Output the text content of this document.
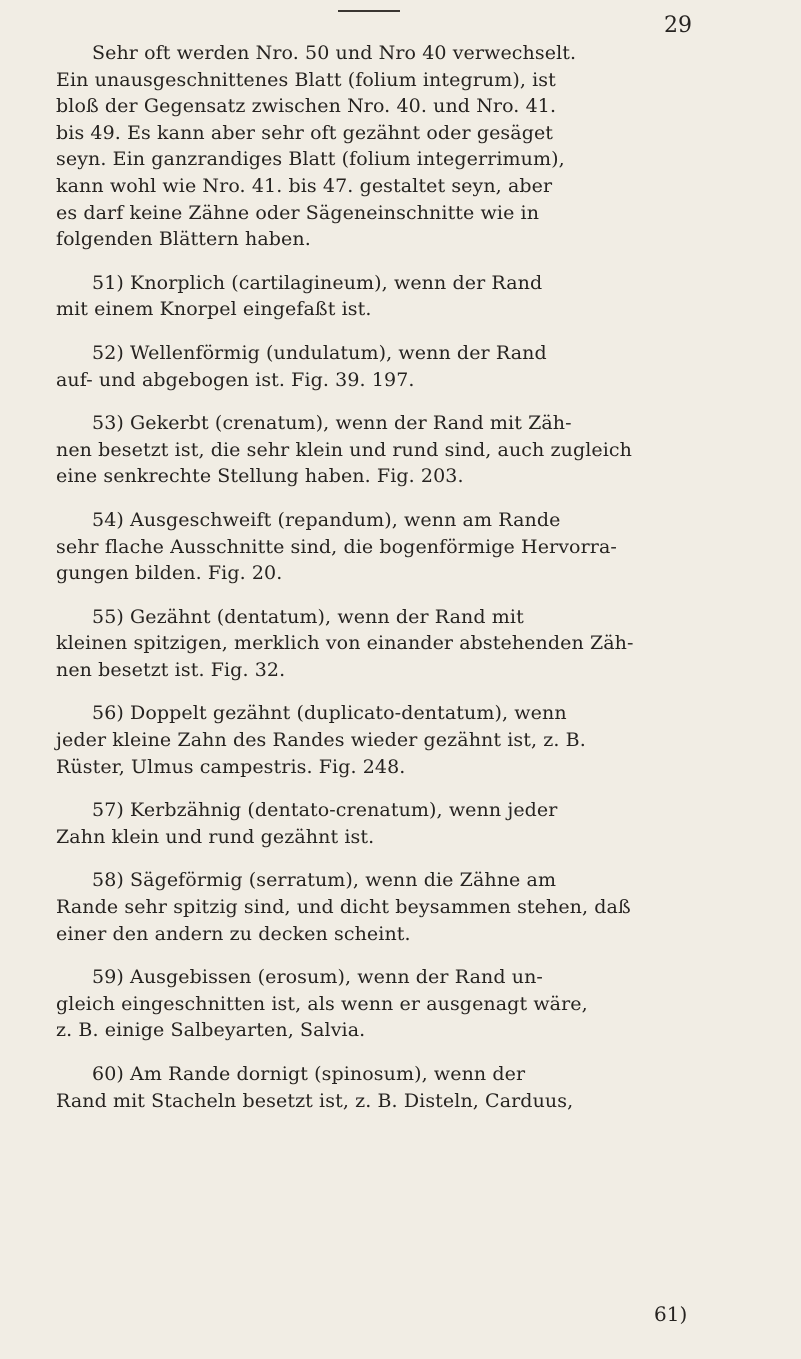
29
Sehr oft werden Nro. 50 und Nro 40 verwechselt.
Ein unausgeschnittenes Blatt (folium integrum), ist
bloß der Gegensatz zwischen Nro. 40. und Nro. 41.
bis 49. Es kann aber sehr oft gezähnt oder gesäget
seyn. Ein ganzrandiges Blatt (folium integerrimum),
kann wohl wie Nro. 41. bis 47. gestaltet seyn, aber
es darf keine Zähne oder Sägeneinschnitte wie in
folgenden Blättern haben.
51) Knorplich (cartilagineum), wenn der Rand
mit einem Knorpel eingefaßt ist.
52) Wellenförmig (undulatum), wenn der Rand
auf- und abgebogen ist. Fig. 39. 197.
53) Gekerbt (crenatum), wenn der Rand mit Zäh-
nen besetzt ist, die sehr klein und rund sind, auch zugleich
eine senkrechte Stellung haben. Fig. 203.
54) Ausgeschweift (repandum), wenn am Rande
sehr flache Ausschnitte sind, die bogenförmige Hervorra-
gungen bilden. Fig. 20.
55) Gezähnt (dentatum), wenn der Rand mit
kleinen spitzigen, merklich von einander abstehenden Zäh-
nen besetzt ist. Fig. 32.
56) Doppelt gezähnt (duplicato-dentatum), wenn
jeder kleine Zahn des Randes wieder gezähnt ist, z. B.
Rüster, Ulmus campestris. Fig. 248.
57) Kerbzähnig (dentato-crenatum), wenn jeder
Zahn klein und rund gezähnt ist.
58) Sägeförmig (serratum), wenn die Zähne am
Rande sehr spitzig sind, und dicht beysammen stehen, daß
einer den andern zu decken scheint.
59) Ausgebissen (erosum), wenn der Rand un-
gleich eingeschnitten ist, als wenn er ausgenagt wäre,
z. B. einige Salbeyarten, Salvia.
60) Am Rande dornigt (spinosum), wenn der
Rand mit Stacheln besetzt ist, z. B. Disteln, Carduus,
61)
